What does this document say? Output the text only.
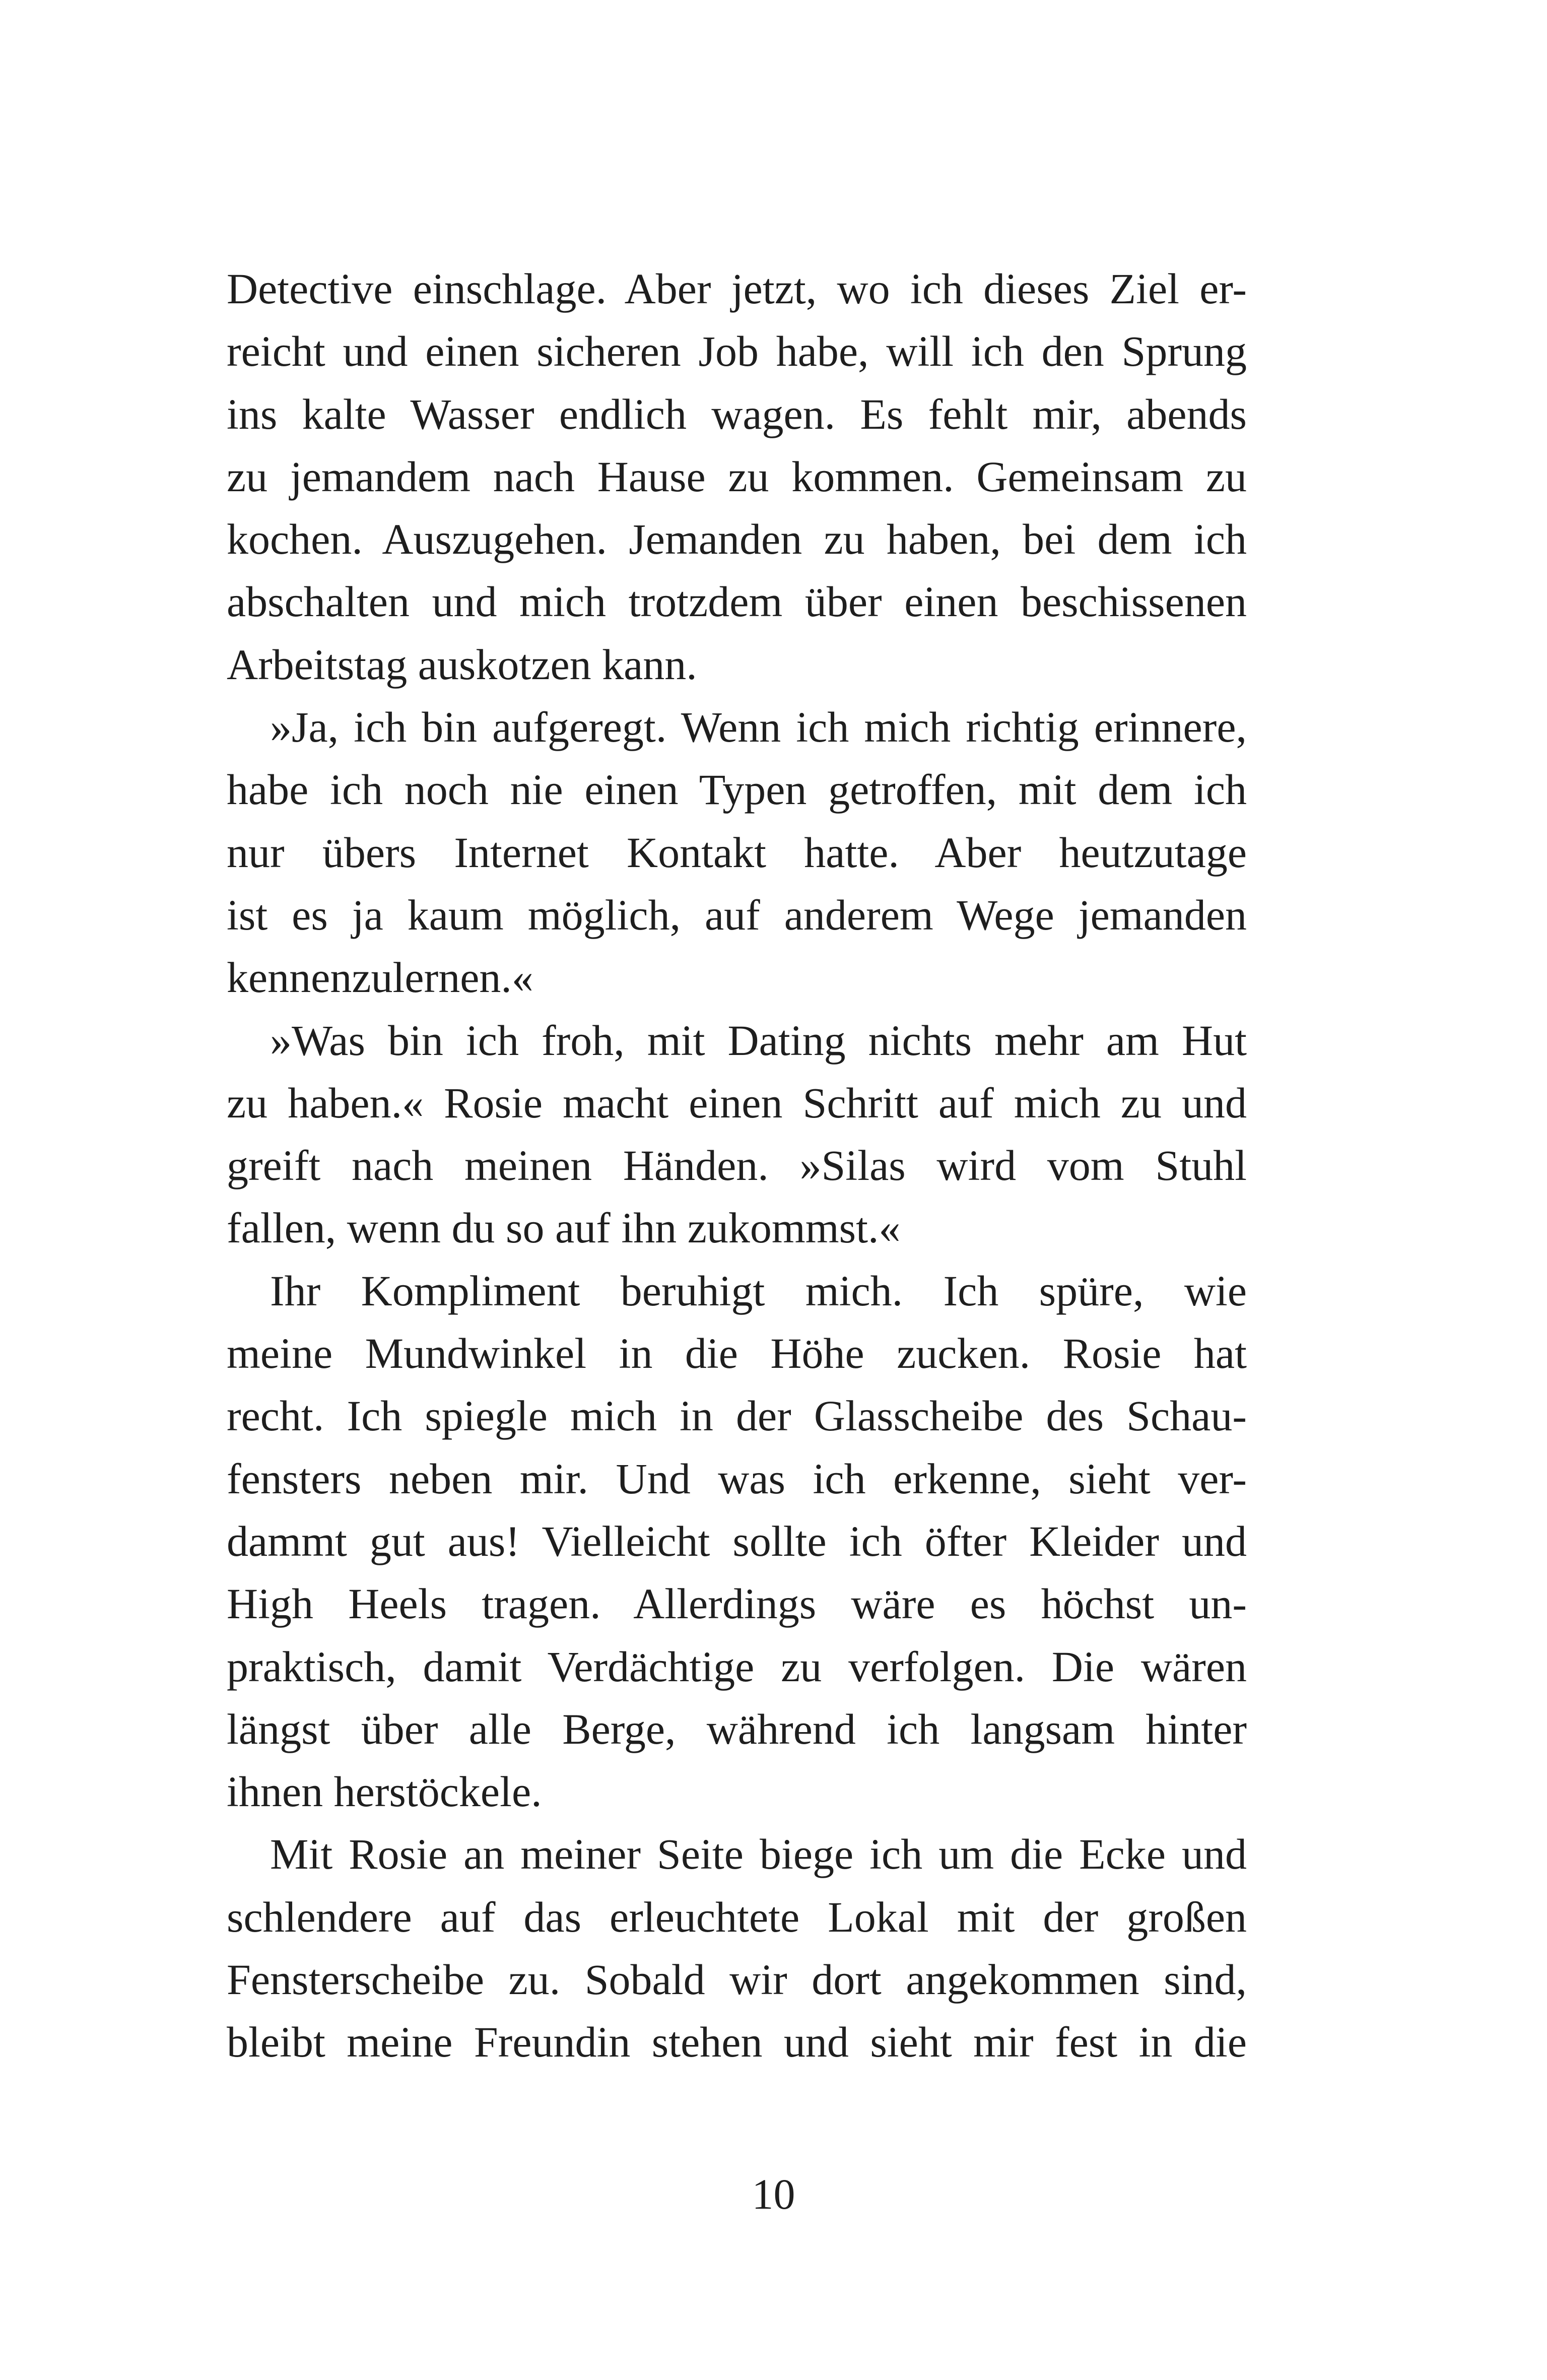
Detective einschlage. Aber jetzt, wo ich dieses Ziel er-
reicht und einen sicheren Job habe, will ich den Sprung
ins kalte Wasser endlich wagen. Es fehlt mir, abends
zu jemandem nach Hause zu kommen. Gemeinsam zu
kochen. Auszugehen. Jemanden zu haben, bei dem ich
abschalten und mich trotzdem über einen beschissenen
Arbeitstag auskotzen kann.
»Ja, ich bin aufgeregt. Wenn ich mich richtig erinnere,
habe ich noch nie einen Typen getroffen, mit dem ich
nur übers Internet Kontakt hatte. Aber heutzutage
ist es ja kaum möglich, auf anderem Wege jemanden
kennenzulernen.«
»Was bin ich froh, mit Dating nichts mehr am Hut
zu haben.« Rosie macht einen Schritt auf mich zu und
greift nach meinen Händen. »Silas wird vom Stuhl
fallen, wenn du so auf ihn zukommst.«
Ihr Kompliment beruhigt mich. Ich spüre, wie
meine Mundwinkel in die Höhe zucken. Rosie hat
recht. Ich spiegle mich in der Glasscheibe des Schau-
fensters neben mir. Und was ich erkenne, sieht ver-
dammt gut aus! Vielleicht sollte ich öfter Kleider und
High Heels tragen. Allerdings wäre es höchst un-
praktisch, damit Verdächtige zu verfolgen. Die wären
längst über alle Berge, während ich langsam hinter
ihnen herstöckele.
Mit Rosie an meiner Seite biege ich um die Ecke und
schlendere auf das erleuchtete Lokal mit der großen
Fensterscheibe zu. Sobald wir dort angekommen sind,
bleibt meine Freundin stehen und sieht mir fest in die
10
